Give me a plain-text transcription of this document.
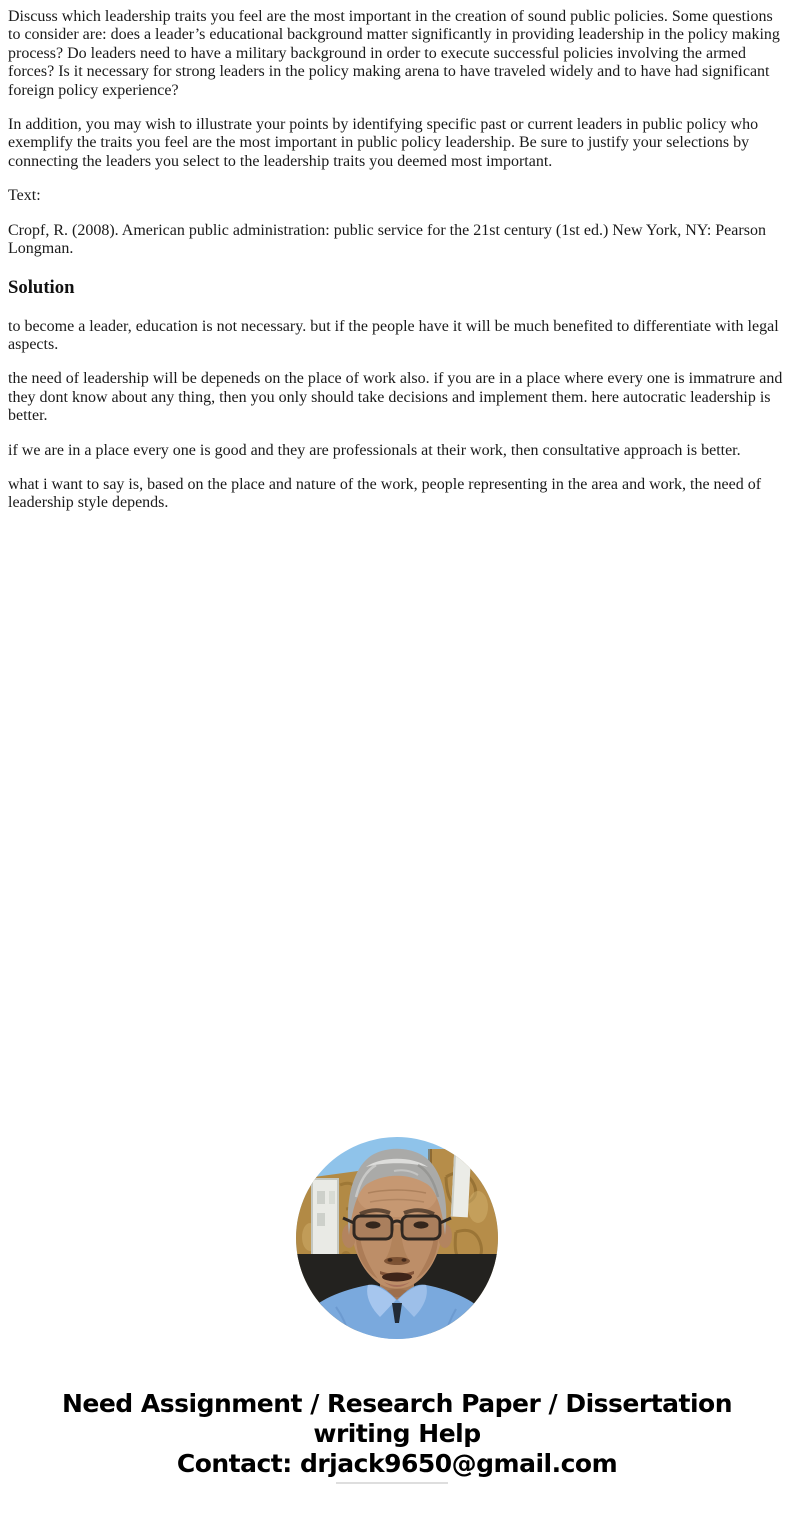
Discuss which leadership traits you feel are the most important in the creation of sound public policies. Some questions to consider are: does a leader’s educational background matter significantly in providing leadership in the policy making process? Do leaders need to have a military background in order to execute successful policies involving the armed forces? Is it necessary for strong leaders in the policy making arena to have traveled widely and to have had significant foreign policy experience?

In addition, you may wish to illustrate your points by identifying specific past or current leaders in public policy who exemplify the traits you feel are the most important in public policy leadership. Be sure to justify your selections by connecting the leaders you select to the leadership traits you deemed most important.

Text:

Cropf, R. (2008). American public administration: public service for the 21st century (1st ed.) New York, NY: Pearson Longman.

Solution

to become a leader, education is not necessary. but if the people have it will be much benefited to differentiate with legal aspects.

the need of leadership will be depeneds on the place of work also. if you are in a place where every one is immatrure and they dont know about any thing, then you only should take decisions and implement them. here autocratic leadership is better.

if we are in a place every one is good and they are professionals at their work, then consultative approach is better.

what i want to say is, based on the place and nature of the work, people representing in the area and work, the need of leadership style depends.

Need Assignment / Research Paper / Dissertation
writing Help
Contact: drjack9650@gmail.com
